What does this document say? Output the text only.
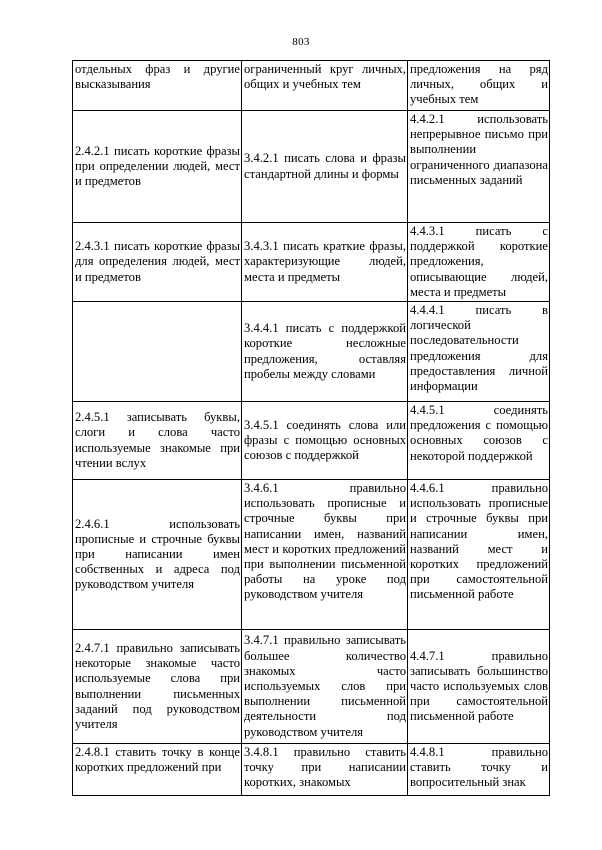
803
отдельных фраз и другие высказывания	ограниченный круг личных, общих и учебных тем	предложения на ряд личных, общих и учебных тем

2.4.2.1 писать короткие фразы при определении людей, мест и предметов	3.4.2.1 писать слова и фразы стандартной длины и формы	4.4.2.1 использовать непрерывное письмо при выполнении ограниченного диапазона письменных заданий

2.4.3.1 писать короткие фразы для определения людей, мест и предметов	3.4.3.1 писать краткие фразы, характеризующие людей, места и предметы	4.4.3.1 писать с поддержкой короткие предложения, описывающие людей, места и предметы

	3.4.4.1 писать с поддержкой короткие несложные предложения, оставляя пробелы между словами	4.4.4.1 писать в логической последовательности предложения для предоставления личной информации

2.4.5.1 записывать буквы, слоги и слова часто используемые знакомые при чтении вслух	3.4.5.1 соединять слова или фразы с помощью основных союзов с поддержкой	4.4.5.1 соединять предложения с помощью основных союзов с некоторой поддержкой

2.4.6.1 использовать прописные и строчные буквы при написании имен собственных и адреса под руководством учителя	3.4.6.1 правильно использовать прописные и строчные буквы при написании имен, названий мест и коротких предложений при выполнении письменной работы на уроке под руководством учителя	4.4.6.1 правильно использовать прописные и строчные буквы при написании имен, названий мест и коротких предложений при самостоятельной письменной работе

2.4.7.1 правильно записывать некоторые знакомые часто используемые слова при выполнении письменных заданий под руководством учителя	3.4.7.1 правильно записывать большее количество знакомых часто используемых слов при выполнении письменной деятельности под руководством учителя	4.4.7.1 правильно записывать большинство часто используемых слов при самостоятельной письменной работе

2.4.8.1 ставить точку в конце коротких предложений при	3.4.8.1 правильно ставить точку при написании коротких, знакомых	4.4.8.1 правильно ставить точку и вопросительный знак
